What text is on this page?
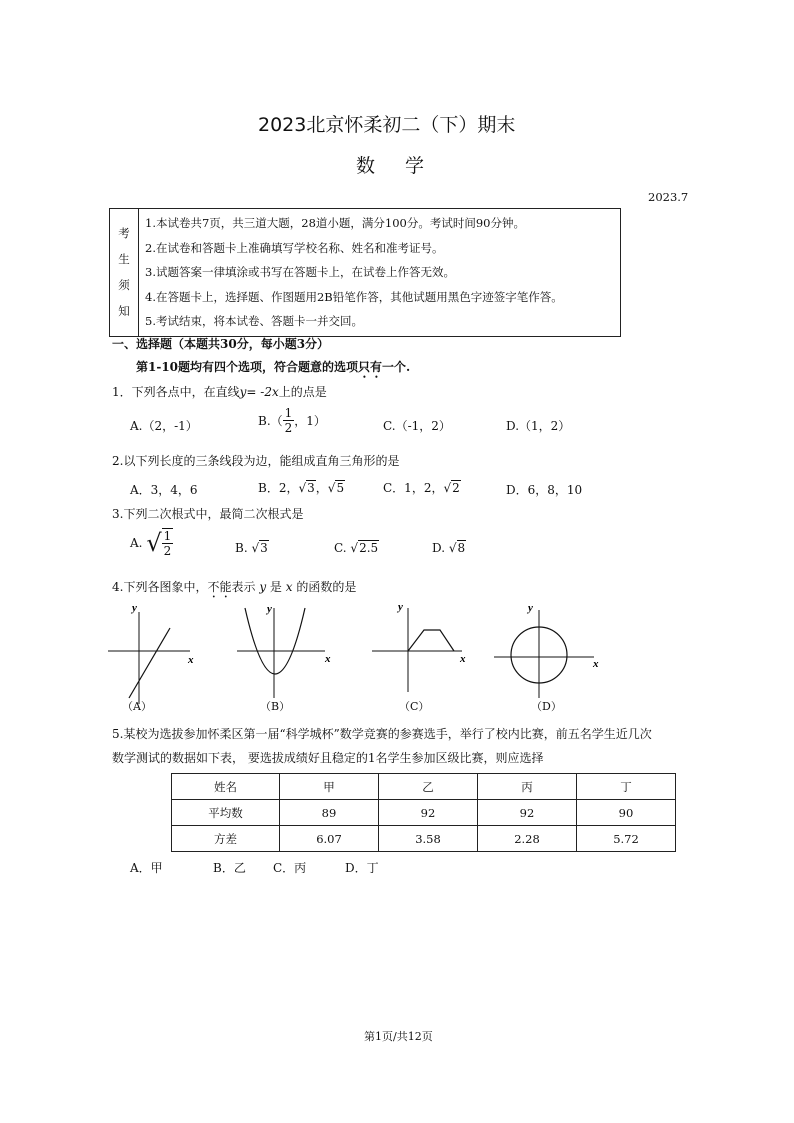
2023北京怀柔初二（下）期末
数学
2023.7
考
生
须
知

1.本试卷共7页，共三道大题，28道小题，满分100分。考试时间90分钟。
2.在试卷和答题卡上准确填写学校名称、姓名和准考证号。
3.试题答案一律填涂或书写在答题卡上，在试卷上作答无效。
4.在答题卡上，选择题、作图题用2B铅笔作答，其他试题用黑色字迹签字笔作答。
5.考试结束，将本试卷、答题卡一并交回。
一、选择题（本题共30分，每小题3分）
第1-10题均有四个选项，符合题意的选项只有一个.
1．下列各点中，在直线y= -2x上的点是
A.（2，-1）	$B.( \frac{1}{2}$ ，1）	C.（-1，2）	D.（1，2）
2.以下列长度的三条线段为边，能组成直角三角形的是
A．3，4，6	B．2，√3，√5	C．1，2，√2	D．6，8，10
3.下列二次根式中，最简二次根式是
A. √ $\frac{1}{2}$	B. √3	C. √2.5	D. √8
4.下列各图象中，不能表示 y 是 x 的函数的是
y
x
（A）
y
x
（B）
y
x
（C）
y
x
（D）
5.某校为选拔参加怀柔区第一届“科学城杯”数学竞赛的参赛选手，举行了校内比赛，前五名学生近几次
数学测试的数据如下表， 要选拔成绩好且稳定的1名学生参加区级比赛，则应选择
姓名	甲	乙	丙	丁
平均数	89	92	92	90
方差	6.07	3.58	2.28	5.72
A．甲	B．乙 C．丙	D．丁
第1页/共12页
